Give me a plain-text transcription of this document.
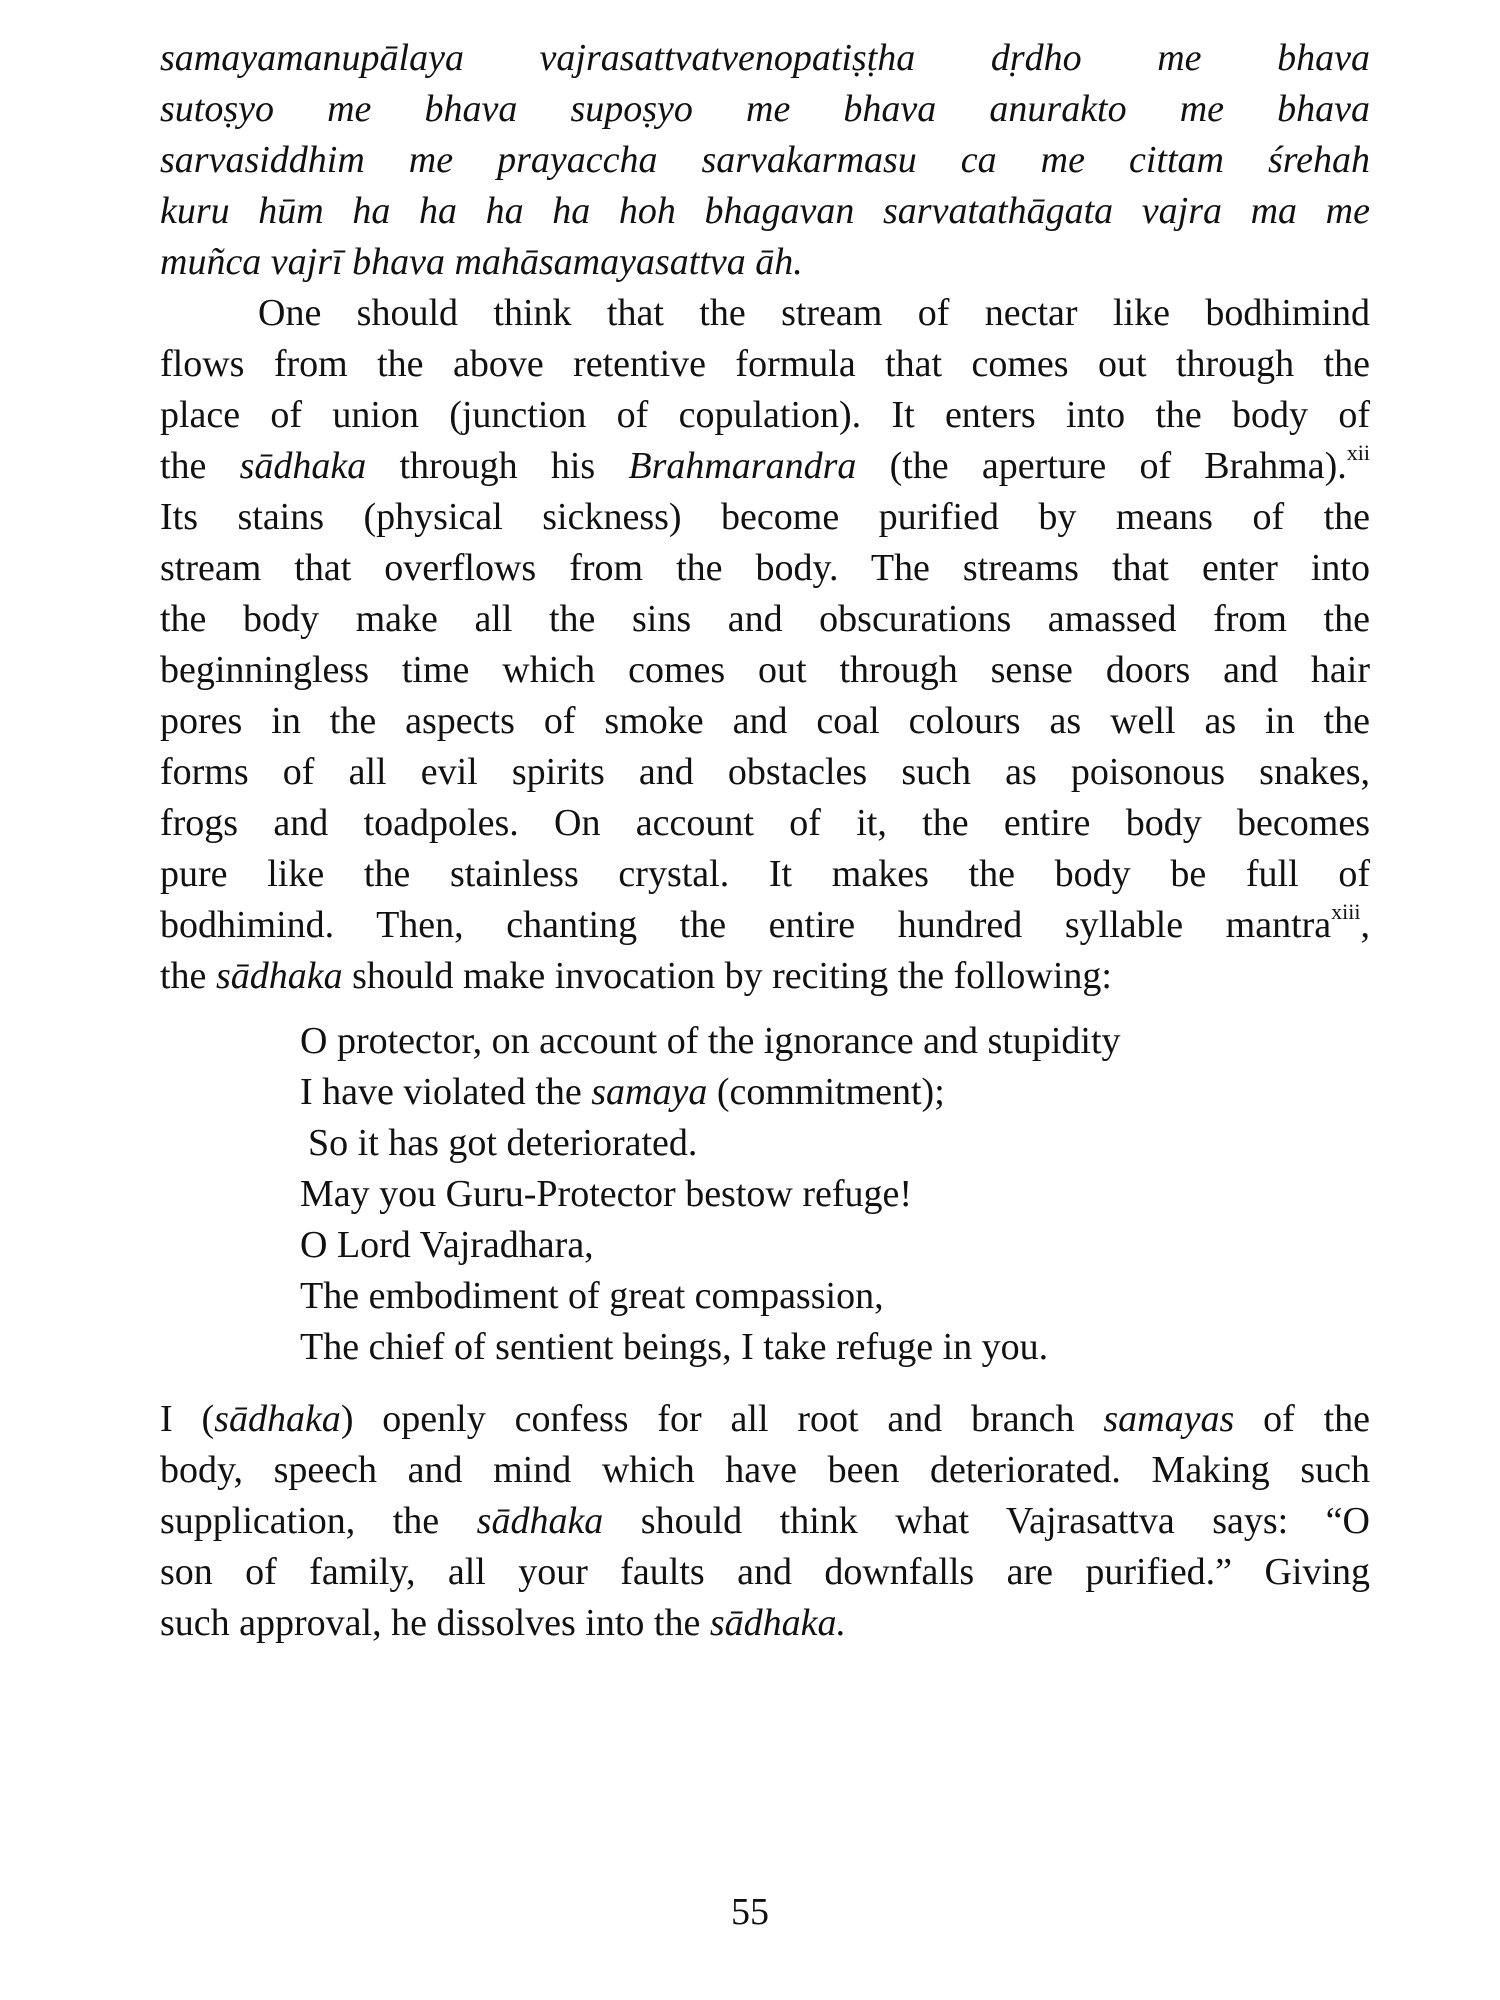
samayamanupālaya vajrasattvatvenopatiṣṭha dṛdho me bhava
sutoṣyo me bhava supoṣyo me bhava anurakto me bhava
sarvasiddhim me prayaccha sarvakarmasu ca me cittam śrehah
kuru hūm ha ha ha ha hoh bhagavan sarvatathāgata vajra ma me
muñca vajrī bhava mahāsamayasattva āh.
One should think that the stream of nectar like bodhimind
flows from the above retentive formula that comes out through the
place of union (junction of copulation). It enters into the body of
the sādhaka through his Brahmarandra (the aperture of Brahma).$^{xii}$
Its stains (physical sickness) become purified by means of the
stream that overflows from the body. The streams that enter into
the body make all the sins and obscurations amassed from the
beginningless time which comes out through sense doors and hair
pores in the aspects of smoke and coal colours as well as in the
forms of all evil spirits and obstacles such as poisonous snakes,
frogs and toadpoles. On account of it, the entire body becomes
pure like the stainless crystal. It makes the body be full of
bodhimind. Then, chanting the entire hundred syllable mantra$^{xiii}$,
the sādhaka should make invocation by reciting the following:
O protector, on account of the ignorance and stupidity
I have violated the samaya (commitment);
So it has got deteriorated.
May you Guru-Protector bestow refuge!
O Lord Vajradhara,
The embodiment of great compassion,
The chief of sentient beings, I take refuge in you.
I (sādhaka) openly confess for all root and branch samayas of the
body, speech and mind which have been deteriorated. Making such
supplication, the sādhaka should think what Vajrasattva says: “O
son of family, all your faults and downfalls are purified.” Giving
such approval, he dissolves into the sādhaka.
55
